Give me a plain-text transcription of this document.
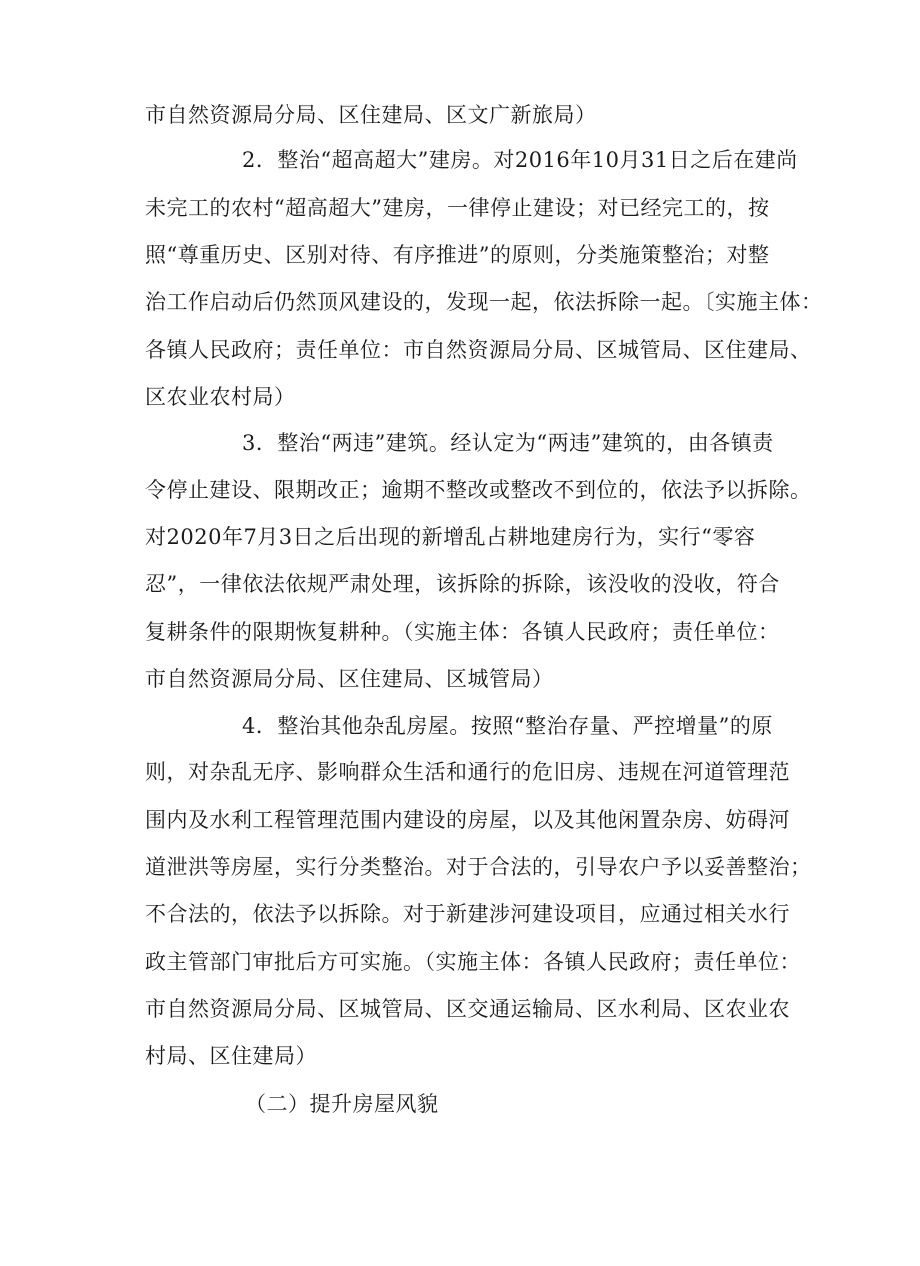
市自然资源局分局、区住建局、区文广新旅局）
2．整治“超高超大”建房。对2016年10月31日之后在建尚
未完工的农村“超高超大”建房，一律停止建设；对已经完工的，按
照“尊重历史、区别对待、有序推进”的原则，分类施策整治；对整
治工作启动后仍然顶风建设的，发现一起，依法拆除一起。〔实施主体：
各镇人民政府；责任单位：市自然资源局分局、区城管局、区住建局、
区农业农村局）
3．整治“两违”建筑。经认定为“两违”建筑的，由各镇责
令停止建设、限期改正；逾期不整改或整改不到位的，依法予以拆除。
对2020年7月3日之后出现的新增乱占耕地建房行为，实行“零容
忍”，一律依法依规严肃处理，该拆除的拆除，该没收的没收，符合
复耕条件的限期恢复耕种。（实施主体：各镇人民政府；责任单位：
市自然资源局分局、区住建局、区城管局）
4．整治其他杂乱房屋。按照“整治存量、严控增量”的原
则，对杂乱无序、影响群众生活和通行的危旧房、违规在河道管理范
围内及水利工程管理范围内建设的房屋，以及其他闲置杂房、妨碍河
道泄洪等房屋，实行分类整治。对于合法的，引导农户予以妥善整治；
不合法的，依法予以拆除。对于新建涉河建设项目，应通过相关水行
政主管部门审批后方可实施。（实施主体：各镇人民政府；责任单位：
市自然资源局分局、区城管局、区交通运输局、区水利局、区农业农
村局、区住建局）
（二）提升房屋风貌
